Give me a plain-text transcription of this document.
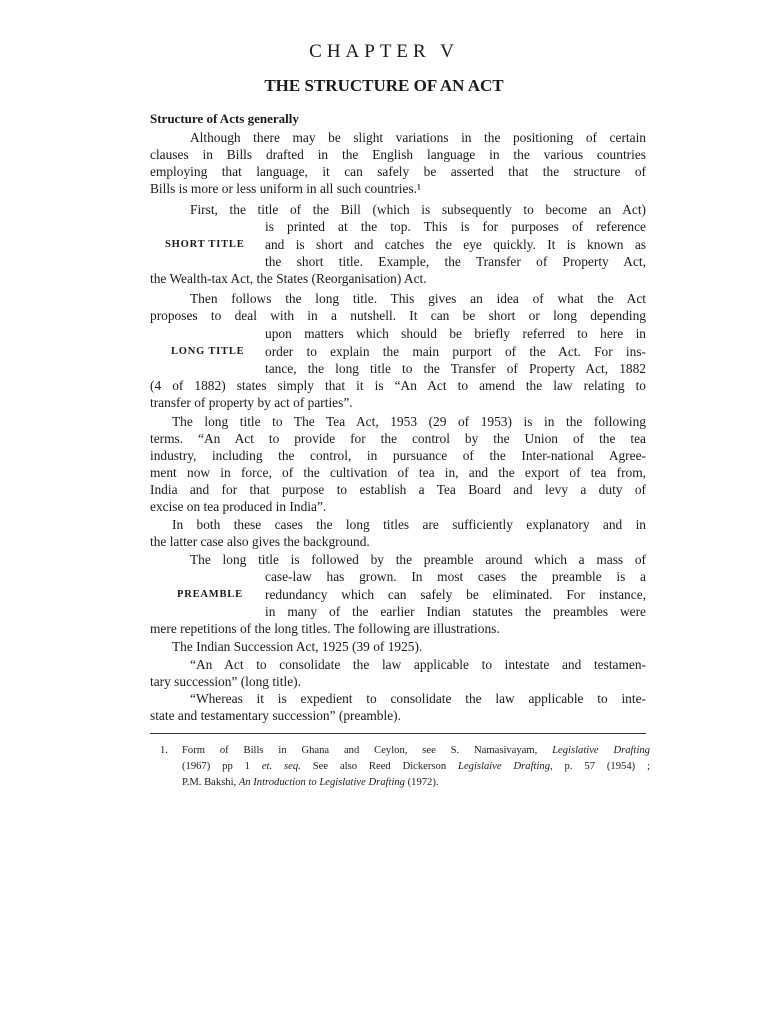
CHAPTER V
THE STRUCTURE OF AN ACT
Structure of Acts generally
Although there may be slight variations in the positioning of certain
clauses in Bills drafted in the English language in the various countries
employing that language, it can safely be asserted that the structure of
Bills is more or less uniform in all such countries.¹
First, the title of the Bill (which is subsequently to become an Act)
is printed at the top. This is for purposes of reference
SHORT TITLE and is short and catches the eye quickly. It is known as
the short title. Example, the Transfer of Property Act,
the Wealth-tax Act, the States (Reorganisation) Act.
Then follows the long title. This gives an idea of what the Act
proposes to deal with in a nutshell. It can be short or long depending
upon matters which should be briefly referred to here in
LONG TITLE order to explain the main purport of the Act. For ins-
tance, the long title to the Transfer of Property Act, 1882
(4 of 1882) states simply that it is “An Act to amend the law relating to
transfer of property by act of parties”.
The long title to The Tea Act, 1953 (29 of 1953) is in the following
terms. “An Act to provide for the control by the Union of the tea
industry, including the control, in pursuance of the Inter-national Agree-
ment now in force, of the cultivation of tea in, and the export of tea from,
India and for that purpose to establish a Tea Board and levy a duty of
excise on tea produced in India”.
In both these cases the long titles are sufficiently explanatory and in
the latter case also gives the background.
The long title is followed by the preamble around which a mass of
case-law has grown. In most cases the preamble is a
PREAMBLE redundancy which can safely be eliminated. For instance,
in many of the earlier Indian statutes the preambles were
mere repetitions of the long titles. The following are illustrations.
The Indian Succession Act, 1925 (39 of 1925).
“An Act to consolidate the law applicable to intestate and testamen-
tary succession” (long title).
“Whereas it is expedient to consolidate the law applicable to inte-
state and testamentary succession” (preamble).
1. Form of Bills in Ghana and Ceylon, see S. Namasivayam, Legislative Drafting
(1967) pp 1 et. seq. See also Reed Dickerson Legislaive Drafting, p. 57 (1954) ;
P.M. Bakshi, An Introduction to Legislative Drafting (1972).
